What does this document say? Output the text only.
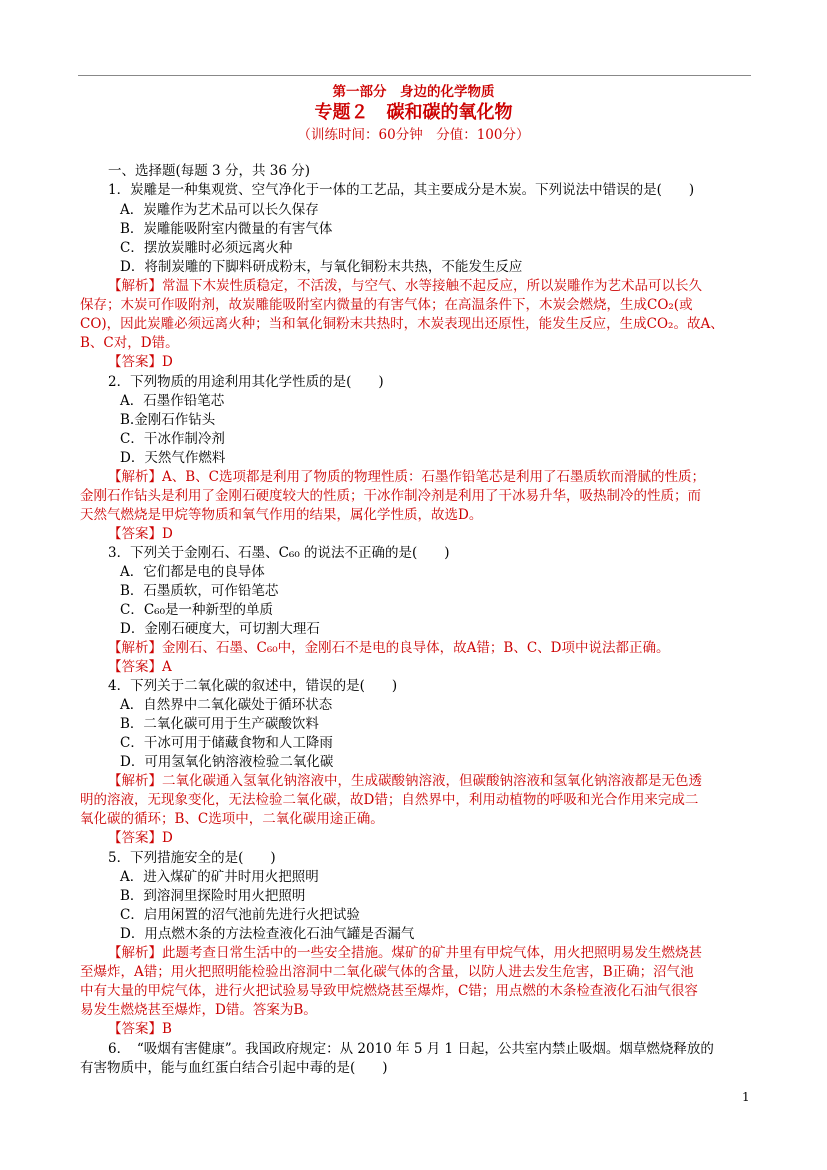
第一部分　身边的化学物质
专题２　碳和碳的氧化物
（训练时间：60分钟　分值：100分）
一、选择题(每题 3 分，共 36 分)
1．炭雕是一种集观赏、空气净化于一体的工艺品，其主要成分是木炭。下列说法中错误的是(　　)
A．炭雕作为艺术品可以长久保存
B．炭雕能吸附室内微量的有害气体
C．摆放炭雕时必须远离火种
D．将制炭雕的下脚料研成粉末，与氧化铜粉末共热，不能发生反应
【解析】常温下木炭性质稳定，不活泼，与空气、水等接触不起反应，所以炭雕作为艺术品可以长久
保存；木炭可作吸附剂，故炭雕能吸附室内微量的有害气体；在高温条件下，木炭会燃烧，生成CO₂(或
CO)，因此炭雕必须远离火种；当和氧化铜粉末共热时，木炭表现出还原性，能发生反应，生成CO₂。故A、
B、C对，D错。
【答案】D
2．下列物质的用途利用其化学性质的是(　　)
A．石墨作铅笔芯
B.金刚石作钻头
C．干冰作制冷剂
D．天然气作燃料
【解析】A、B、C选项都是利用了物质的物理性质：石墨作铅笔芯是利用了石墨质软而滑腻的性质；
金刚石作钻头是利用了金刚石硬度较大的性质；干冰作制冷剂是利用了干冰易升华，吸热制冷的性质；而
天然气燃烧是甲烷等物质和氧气作用的结果，属化学性质，故选D。
【答案】D
3．下列关于金刚石、石墨、C₆₀ 的说法不正确的是(　　)
A．它们都是电的良导体
B．石墨质软，可作铅笔芯
C．C₆₀是一种新型的单质
D．金刚石硬度大，可切割大理石
【解析】金刚石、石墨、C₆₀中，金刚石不是电的良导体，故A错；B、C、D项中说法都正确。
【答案】A
4．下列关于二氧化碳的叙述中，错误的是(　　)
A．自然界中二氧化碳处于循环状态
B．二氧化碳可用于生产碳酸饮料
C．干冰可用于储藏食物和人工降雨
D．可用氢氧化钠溶液检验二氧化碳
【解析】二氧化碳通入氢氧化钠溶液中，生成碳酸钠溶液，但碳酸钠溶液和氢氧化钠溶液都是无色透
明的溶液，无现象变化，无法检验二氧化碳，故D错；自然界中，利用动植物的呼吸和光合作用来完成二
氧化碳的循环；B、C选项中，二氧化碳用途正确。
【答案】D
5．下列措施安全的是(　　)
A．进入煤矿的矿井时用火把照明
B．到溶洞里探险时用火把照明
C．启用闲置的沼气池前先进行火把试验
D．用点燃木条的方法检查液化石油气罐是否漏气
【解析】此题考查日常生活中的一些安全措施。煤矿的矿井里有甲烷气体，用火把照明易发生燃烧甚
至爆炸，A错；用火把照明能检验出溶洞中二氧化碳气体的含量，以防人进去发生危害，B正确；沼气池
中有大量的甲烷气体，进行火把试验易导致甲烷燃烧甚至爆炸，C错；用点燃的木条检查液化石油气很容
易发生燃烧甚至爆炸，D错。答案为B。
【答案】B
6．　“吸烟有害健康”。我国政府规定：从 2010 年 5 月 1 日起，公共室内禁止吸烟。烟草燃烧释放的
有害物质中，能与血红蛋白结合引起中毒的是(　　)
1
